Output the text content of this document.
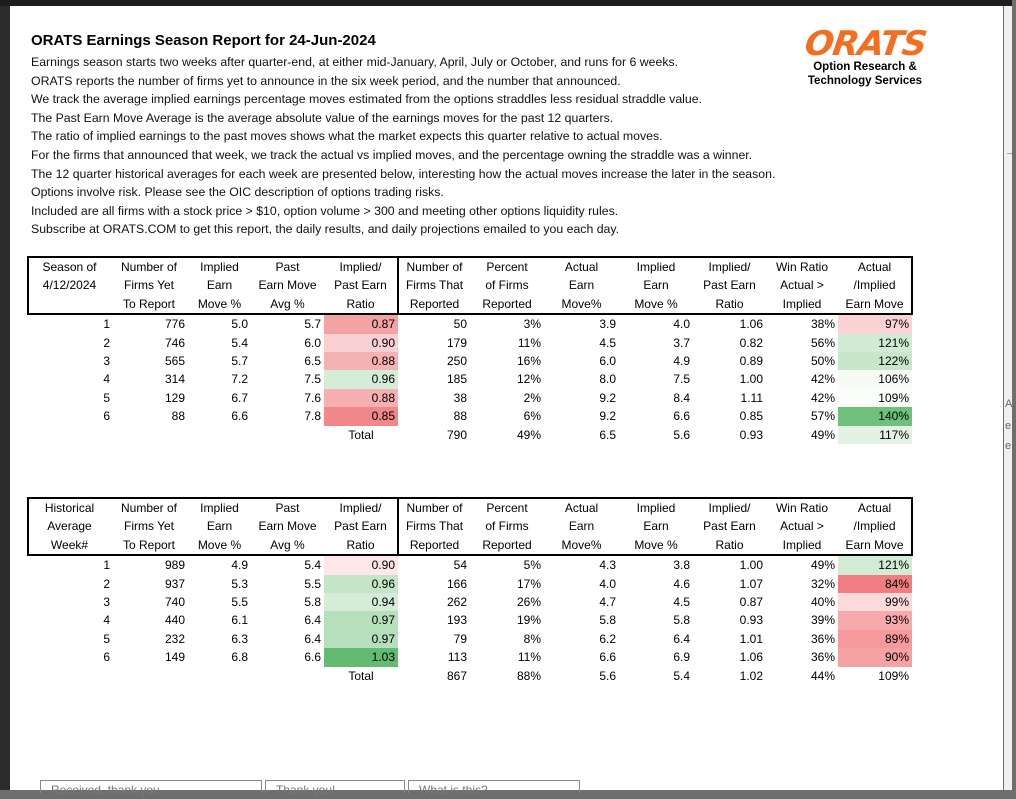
→
A
e
e
ORATS Earnings Season Report for 24-Jun-2024
Earnings season starts two weeks after quarter-end, at either mid-January, April, July or October, and runs for 6 weeks.
ORATS reports the number of firms yet to announce in the six week period, and the number that announced.
We track the average implied earnings percentage moves estimated from the options straddles less residual straddle value.
The Past Earn Move Average is the average absolute value of the earnings moves for the past 12 quarters.
The ratio of implied earnings to the past moves shows what the market expects this quarter relative to actual moves.
For the firms that announced that week, we track the actual vs implied moves, and the percentage owning the straddle was a winner.
The 12 quarter historical averages for each week are presented below, interesting how the actual moves increase the later in the season.
Options involve risk. Please see the OIC description of options trading risks.
Included are all firms with a stock price > $10, option volume > 300 and meeting other options liquidity rules.
Subscribe at ORATS.COM to get this report, the daily results, and daily projections emailed to you each day.
ORATS
Option Research &
Technology Services
Season of	Number of	Implied	Past	Implied/	Number of	Percent	Actual	Implied	Implied/	Win Ratio	Actual
4/12/2024	Firms Yet	Earn	Earn Move	Past Earn	Firms That	of Firms	Earn	Earn	Past Earn	Actual >	/Implied
	To Report	Move %	Avg %	Ratio	Reported	Reported	Move%	Move %	Ratio	Implied	Earn Move
1	776	5.0	5.7	0.87	50	3%	3.9	4.0	1.06	38%	97%
2	746	5.4	6.0	0.90	179	11%	4.5	3.7	0.82	56%	121%
3	565	5.7	6.5	0.88	250	16%	6.0	4.9	0.89	50%	122%
4	314	7.2	7.5	0.96	185	12%	8.0	7.5	1.00	42%	106%
5	129	6.7	7.6	0.88	38	2%	9.2	8.4	1.11	42%	109%
6	88	6.6	7.8	0.85	88	6%	9.2	6.6	0.85	57%	140%
				Total	790	49%	6.5	5.6	0.93	49%	117%
Historical	Number of	Implied	Past	Implied/	Number of	Percent	Actual	Implied	Implied/	Win Ratio	Actual
Average	Firms Yet	Earn	Earn Move	Past Earn	Firms That	of Firms	Earn	Earn	Past Earn	Actual >	/Implied
Week#	To Report	Move %	Avg %	Ratio	Reported	Reported	Move%	Move %	Ratio	Implied	Earn Move
1	989	4.9	5.4	0.90	54	5%	4.3	3.8	1.00	49%	121%
2	937	5.3	5.5	0.96	166	17%	4.0	4.6	1.07	32%	84%
3	740	5.5	5.8	0.94	262	26%	4.7	4.5	0.87	40%	99%
4	440	6.1	6.4	0.97	193	19%	5.8	5.8	0.93	39%	93%
5	232	6.3	6.4	0.97	79	8%	6.2	6.4	1.01	36%	89%
6	149	6.8	6.6	1.03	113	11%	6.6	6.9	1.06	36%	90%
				Total	867	88%	5.6	5.4	1.02	44%	109%
Received, thank you.	Thank you!	What is this?
